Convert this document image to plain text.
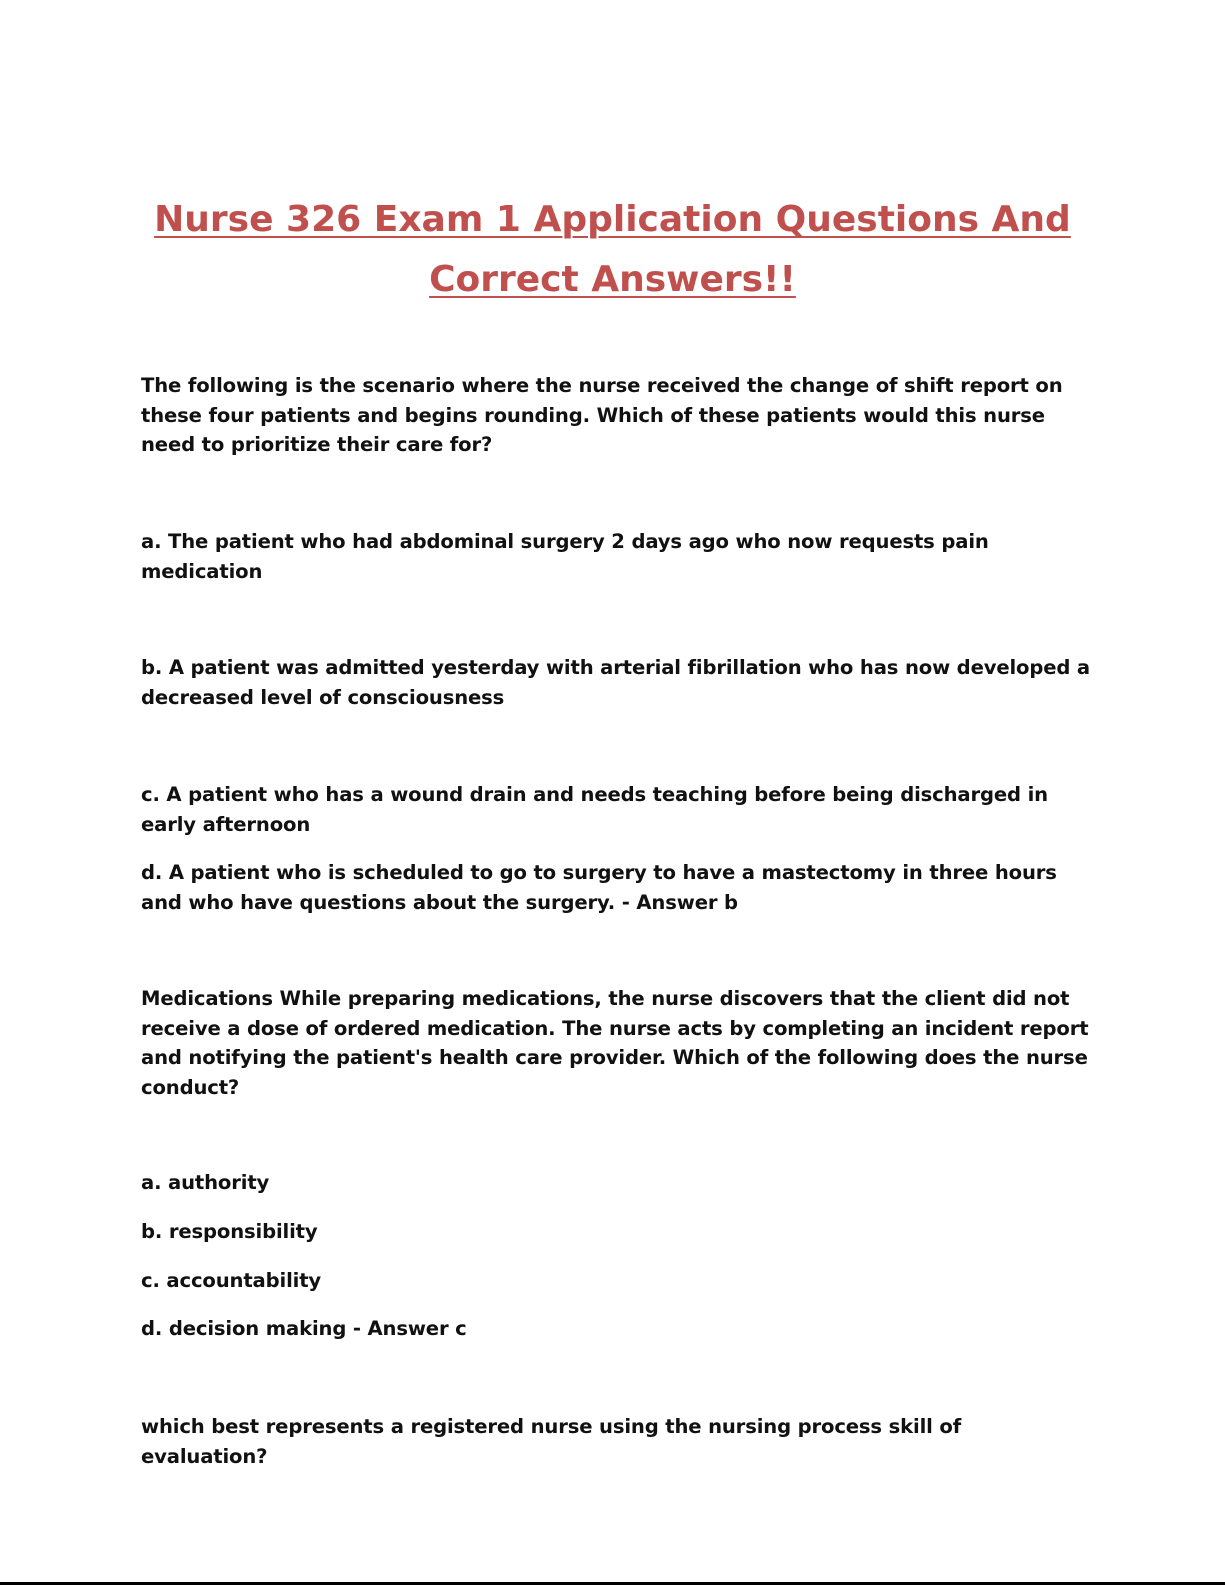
Nurse 326 Exam 1 Application Questions And
Correct Answers!!

The following is the scenario where the nurse received the change of shift report on these four patients and begins rounding. Which of these patients would this nurse need to prioritize their care for?

a. The patient who had abdominal surgery 2 days ago who now requests pain medication

b. A patient was admitted yesterday with arterial fibrillation who has now developed a decreased level of consciousness

c. A patient who has a wound drain and needs teaching before being discharged in early afternoon

d. A patient who is scheduled to go to surgery to have a mastectomy in three hours and who have questions about the surgery. - Answer b

Medications While preparing medications, the nurse discovers that the client did not receive a dose of ordered medication. The nurse acts by completing an incident report and notifying the patient's health care provider. Which of the following does the nurse conduct?

a. authority

b. responsibility

c. accountability

d. decision making - Answer c

which best represents a registered nurse using the nursing process skill of evaluation?
